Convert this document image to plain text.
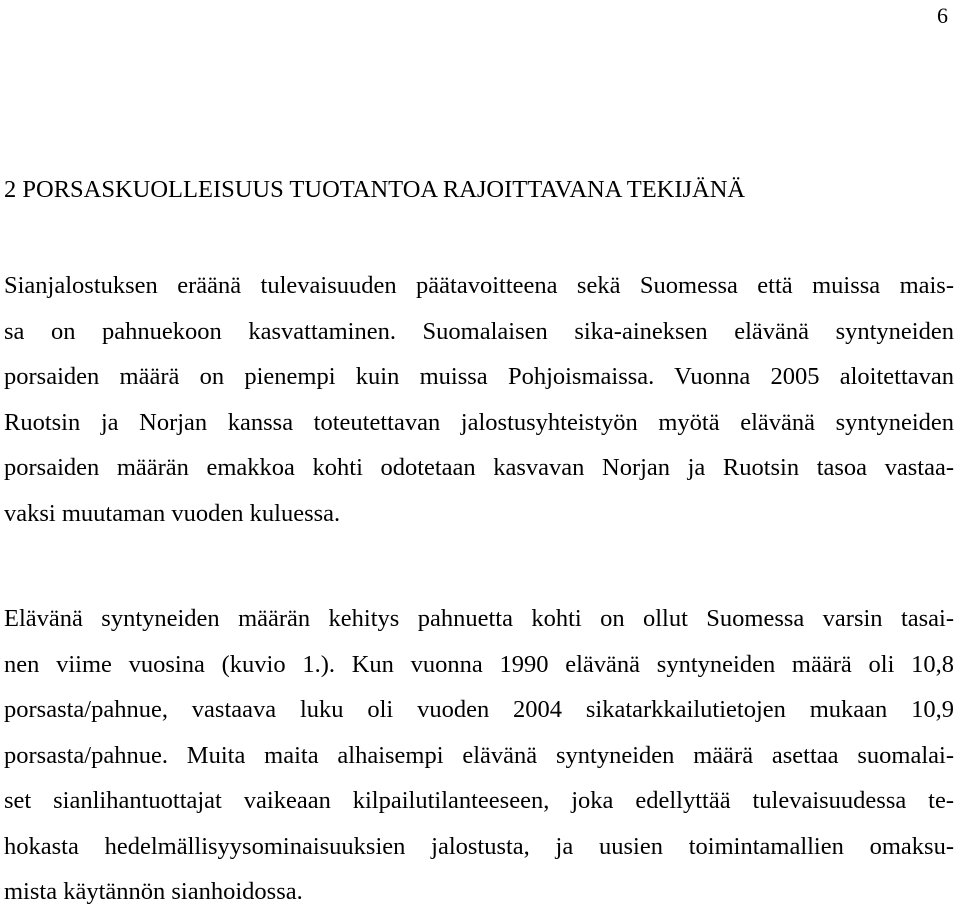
6
2 PORSASKUOLLEISUUS TUOTANTOA RAJOITTAVANA TEKIJÄNÄ
Sianjalostuksen eräänä tulevaisuuden päätavoitteena sekä Suomessa että muissa mais-
sa on pahnuekoon kasvattaminen. Suomalaisen sika-aineksen elävänä syntyneiden
porsaiden määrä on pienempi kuin muissa Pohjoismaissa. Vuonna 2005 aloitettavan
Ruotsin ja Norjan kanssa toteutettavan jalostusyhteistyön myötä elävänä syntyneiden
porsaiden määrän emakkoa kohti odotetaan kasvavan Norjan ja Ruotsin tasoa vastaa-
vaksi muutaman vuoden kuluessa.
Elävänä syntyneiden määrän kehitys pahnuetta kohti on ollut Suomessa varsin tasai-
nen viime vuosina (kuvio 1.). Kun vuonna 1990 elävänä syntyneiden määrä oli 10,8
porsasta/pahnue, vastaava luku oli vuoden 2004 sikatarkkailutietojen mukaan 10,9
porsasta/pahnue. Muita maita alhaisempi elävänä syntyneiden määrä asettaa suomalai-
set sianlihantuottajat vaikeaan kilpailutilanteeseen, joka edellyttää tulevaisuudessa te-
hokasta hedelmällisyysominaisuuksien jalostusta, ja uusien toimintamallien omaksu-
mista käytännön sianhoidossa.
